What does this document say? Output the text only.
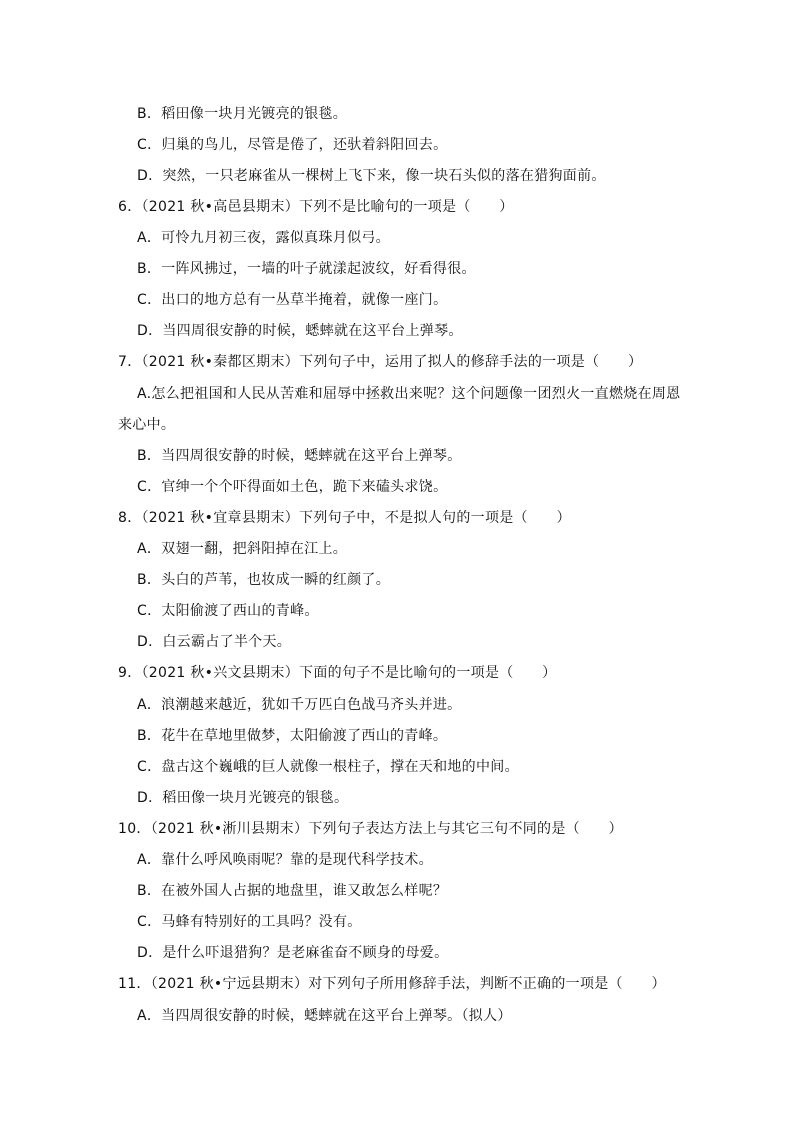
B．稻田像一块月光镀亮的银毯。
C．归巢的鸟儿，尽管是倦了，还驮着斜阳回去。
D．突然，一只老麻雀从一棵树上飞下来，像一块石头似的落在猎狗面前。
6．（2021 秋•高邑县期末）下列不是比喻句的一项是（　　）
A．可怜九月初三夜，露似真珠月似弓。
B．一阵风拂过，一墙的叶子就漾起波纹，好看得很。
C．出口的地方总有一丛草半掩着，就像一座门。
D．当四周很安静的时候，蟋蟀就在这平台上弹琴。
7．（2021 秋•秦都区期末）下列句子中，运用了拟人的修辞手法的一项是（　　）
A.怎么把祖国和人民从苦难和屈辱中拯救出来呢？这个问题像一团烈火一直燃烧在周恩
来心中。
B．当四周很安静的时候，蟋蟀就在这平台上弹琴。
C．官绅一个个吓得面如土色，跪下来磕头求饶。
8．（2021 秋•宜章县期末）下列句子中，不是拟人句的一项是（　　）
A．双翅一翻，把斜阳掉在江上。
B．头白的芦苇，也妆成一瞬的红颜了。
C．太阳偷渡了西山的青峰。
D．白云霸占了半个天。
9．（2021 秋•兴文县期末）下面的句子不是比喻句的一项是（　　）
A．浪潮越来越近，犹如千万匹白色战马齐头并进。
B．花牛在草地里做梦，太阳偷渡了西山的青峰。
C．盘古这个巍峨的巨人就像一根柱子，撑在天和地的中间。
D．稻田像一块月光镀亮的银毯。
10．（2021 秋•淅川县期末）下列句子表达方法上与其它三句不同的是（　　）
A．靠什么呼风唤雨呢？靠的是现代科学技术。
B．在被外国人占据的地盘里，谁又敢怎么样呢？
C．马蜂有特别好的工具吗？没有。
D．是什么吓退猎狗？是老麻雀奋不顾身的母爱。
11．（2021 秋•宁远县期末）对下列句子所用修辞手法，判断不正确的一项是（　　）
A．当四周很安静的时候，蟋蟀就在这平台上弹琴。（拟人）
